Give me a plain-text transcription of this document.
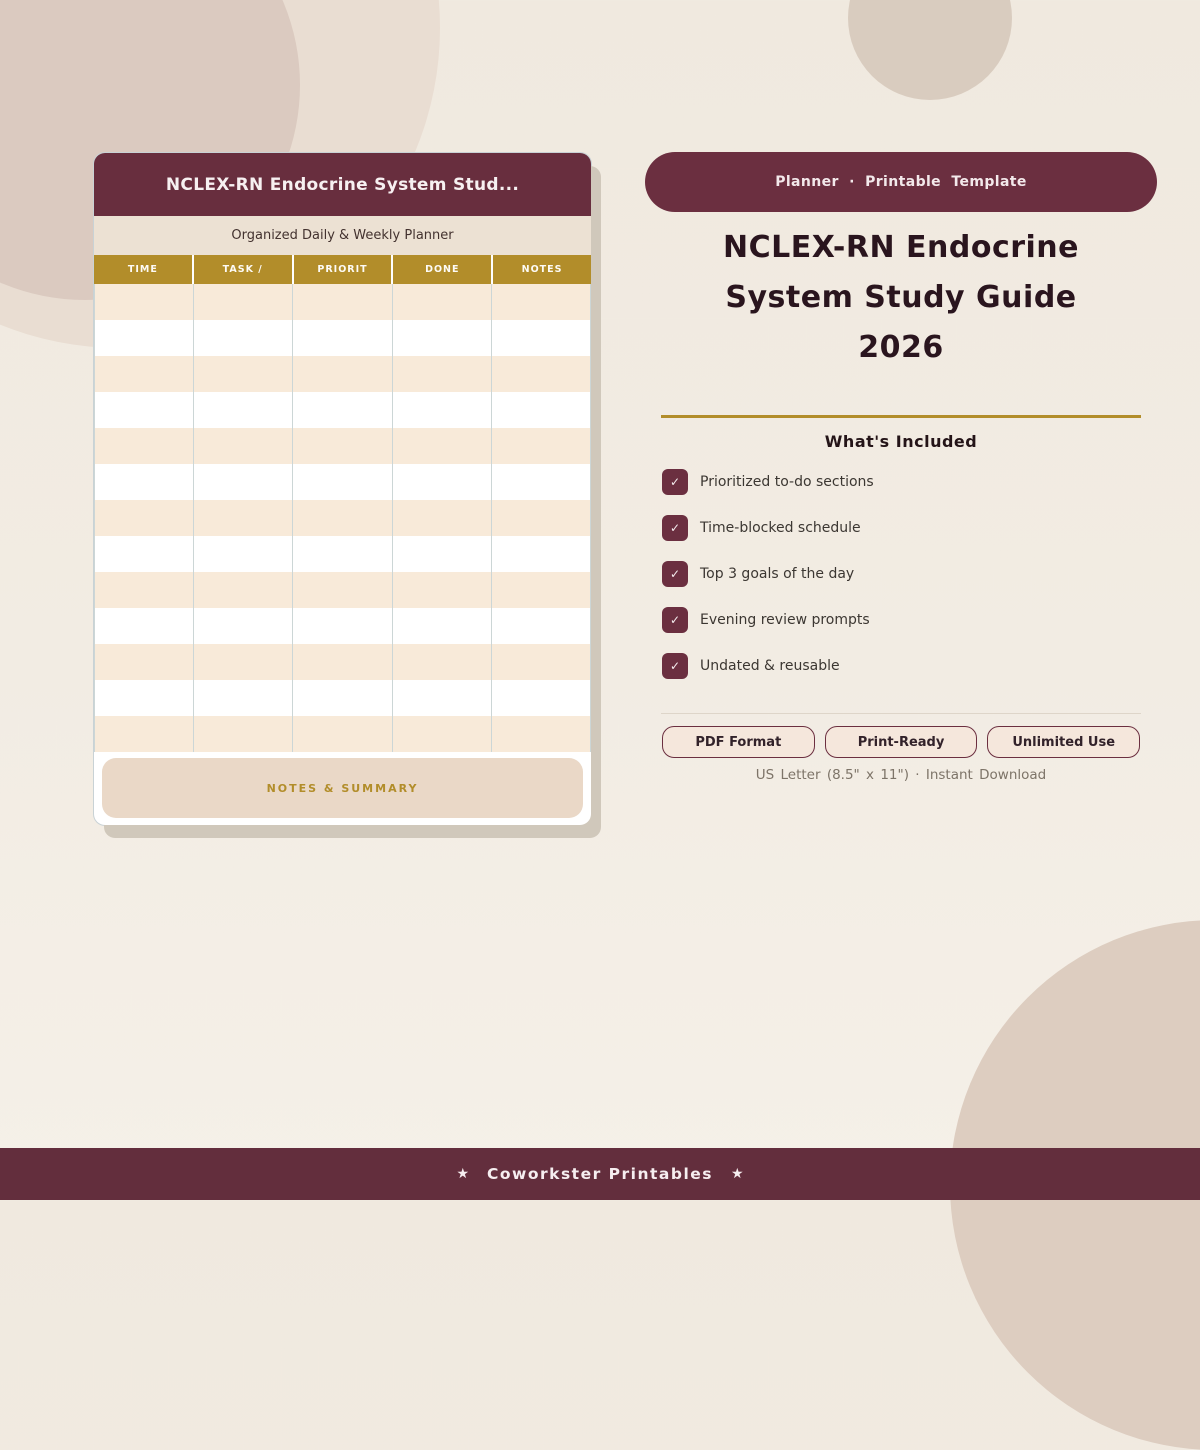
NCLEX-RN Endocrine System Stud...
Organized Daily & Weekly Planner
TIME	TASK /	PRIORIT	DONE	NOTES
NOTES & SUMMARY
Planner · Printable Template
NCLEX-RN Endocrine
System Study Guide
2026
What's Included
✓	Prioritized to-do sections
✓	Time-blocked schedule
✓	Top 3 goals of the day
✓	Evening review prompts
✓	Undated & reusable
PDF Format	Print-Ready	Unlimited Use
US Letter (8.5" x 11") · Instant Download
★ Coworkster Printables ★
